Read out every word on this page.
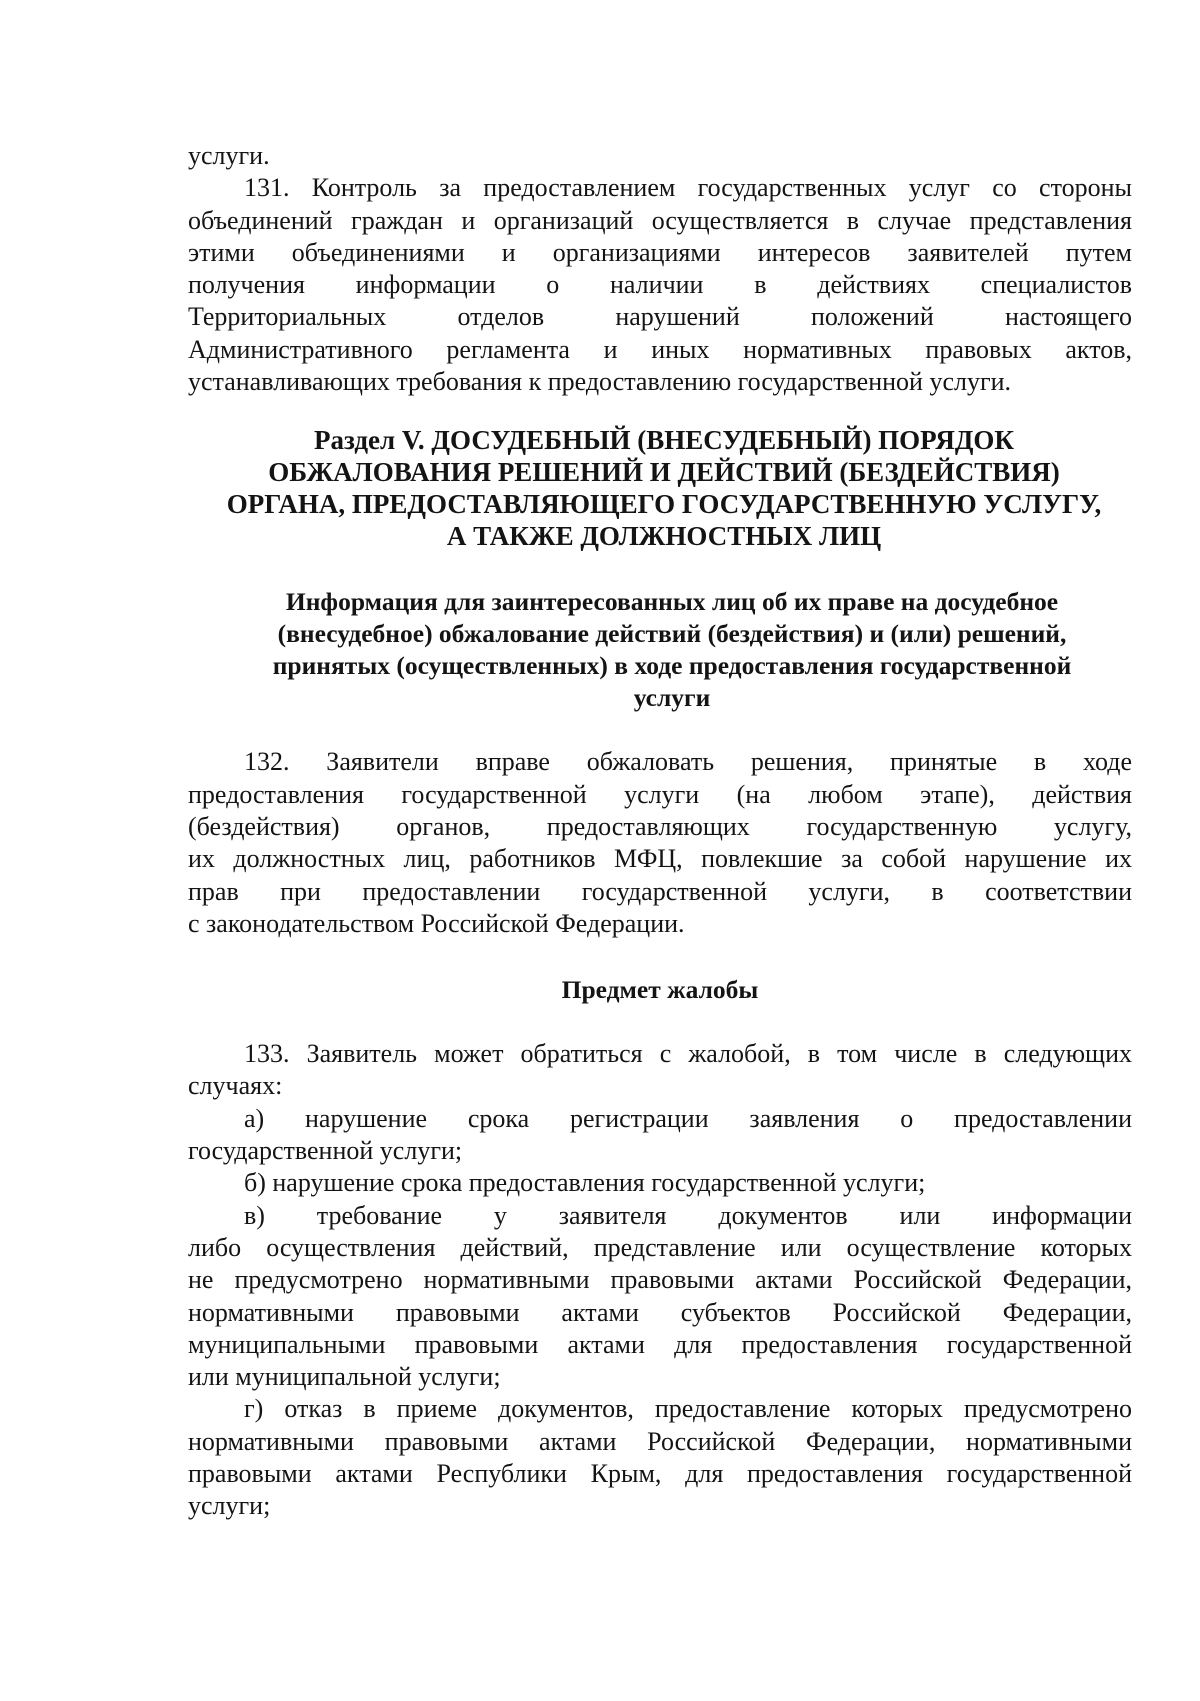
услуги.
131. Контроль за предоставлением государственных услуг со стороны
объединений граждан и организаций осуществляется в случае представления
этими объединениями и организациями интересов заявителей путем
получения информации о наличии в действиях специалистов
Территориальных отделов нарушений положений настоящего
Административного регламента и иных нормативных правовых актов,
устанавливающих требования к предоставлению государственной услуги.
Раздел V. ДОСУДЕБНЫЙ (ВНЕСУДЕБНЫЙ) ПОРЯДОК
ОБЖАЛОВАНИЯ РЕШЕНИЙ И ДЕЙСТВИЙ (БЕЗДЕЙСТВИЯ)
ОРГАНА, ПРЕДОСТАВЛЯЮЩЕГО ГОСУДАРСТВЕННУЮ УСЛУГУ,
А ТАКЖЕ ДОЛЖНОСТНЫХ ЛИЦ
Информация для заинтересованных лиц об их праве на досудебное
(внесудебное) обжалование действий (бездействия) и (или) решений,
принятых (осуществленных) в ходе предоставления государственной
услуги
132. Заявители вправе обжаловать решения, принятые в ходе
предоставления государственной услуги (на любом этапе), действия
(бездействия) органов, предоставляющих государственную услугу,
их должностных лиц, работников МФЦ, повлекшие за собой нарушение их
прав при предоставлении государственной услуги, в соответствии
с законодательством Российской Федерации.
Предмет жалобы
133. Заявитель может обратиться с жалобой, в том числе в следующих
случаях:
а) нарушение срока регистрации заявления о предоставлении
государственной услуги;
б) нарушение срока предоставления государственной услуги;
в) требование у заявителя документов или информации
либо осуществления действий, представление или осуществление которых
не предусмотрено нормативными правовыми актами Российской Федерации,
нормативными правовыми актами субъектов Российской Федерации,
муниципальными правовыми актами для предоставления государственной
или муниципальной услуги;
г) отказ в приеме документов, предоставление которых предусмотрено
нормативными правовыми актами Российской Федерации, нормативными
правовыми актами Республики Крым, для предоставления государственной
услуги;
